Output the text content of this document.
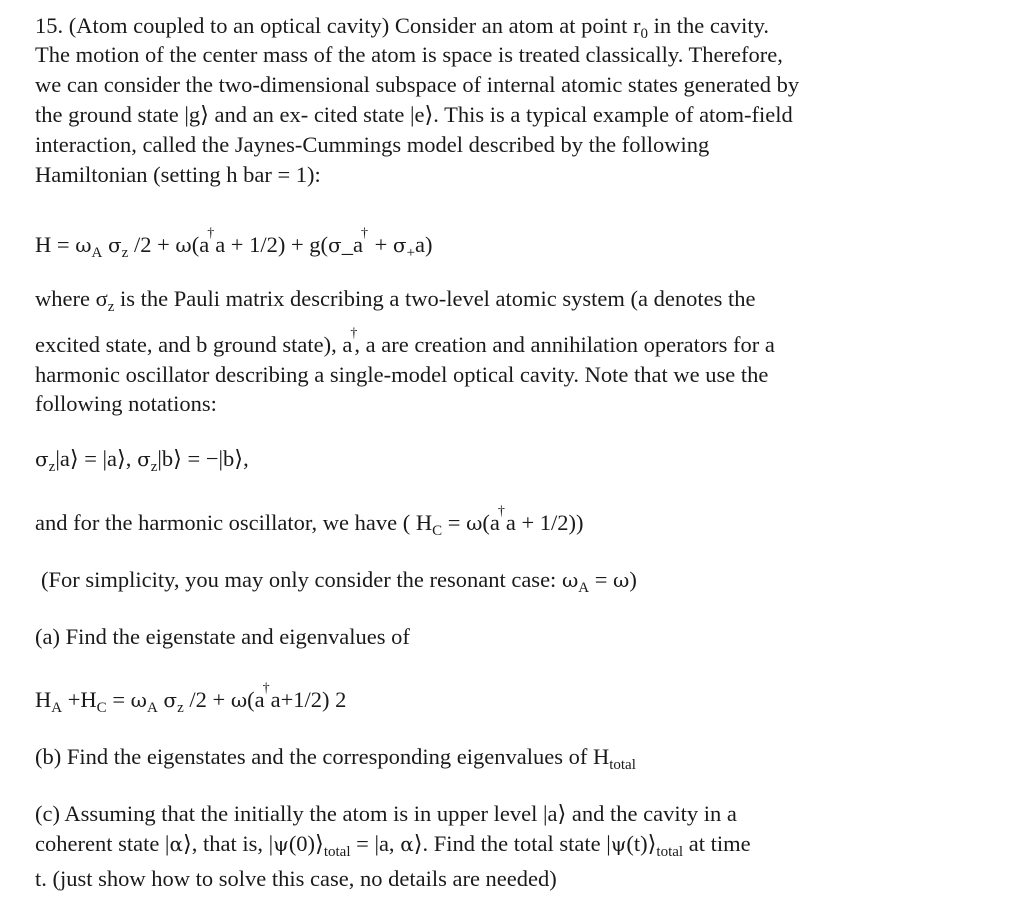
15. (Atom coupled to an optical cavity) Consider an atom at point $r_0$ in the cavity.
The motion of the center mass of the atom is space is treated classically. Therefore,
we can consider the two-dimensional subspace of internal atomic states generated by
the ground state |g⟩ and an ex- cited state |e⟩. This is a typical example of atom-field
interaction, called the Jaynes-Cummings model described by the following
Hamiltonian (setting h bar = 1):
$H = \omega_A$ $\sigma_z$ /2 + ω(a†a + 1/2) + g(σ_a† + $\sigma_+a$)
where $\sigma_z$ is the Pauli matrix describing a two-level atomic system (a denotes the
excited state, and b ground state), a†, a are creation and annihilation operators for a
harmonic oscillator describing a single-model optical cavity. Note that we use the
following notations:
$\sigma_z|a⟩$ = |a⟩, $\sigma_z|b⟩$ = −|b⟩,
and for the harmonic oscillator, we have ( $H_C$ = ω(a†a + 1/2))
(For simplicity, you may only consider the resonant case: $\omega_A = \omega$)
(a) Find the eigenstate and eigenvalues of
$H_A +H_C = \omega_A$ $\sigma_z$ /2 + ω(a†a+1/2) 2
(b) Find the eigenstates and the corresponding eigenvalues of $H_{total}$
(c) Assuming that the initially the atom is in upper level |a⟩ and the cavity in a
coherent state |α⟩, that is, $|\psi(0)⟩_{total} = |a$, α⟩. Find the total state $|\psi(t)⟩_{total}$ at time
t. (just show how to solve this case, no details are needed)
